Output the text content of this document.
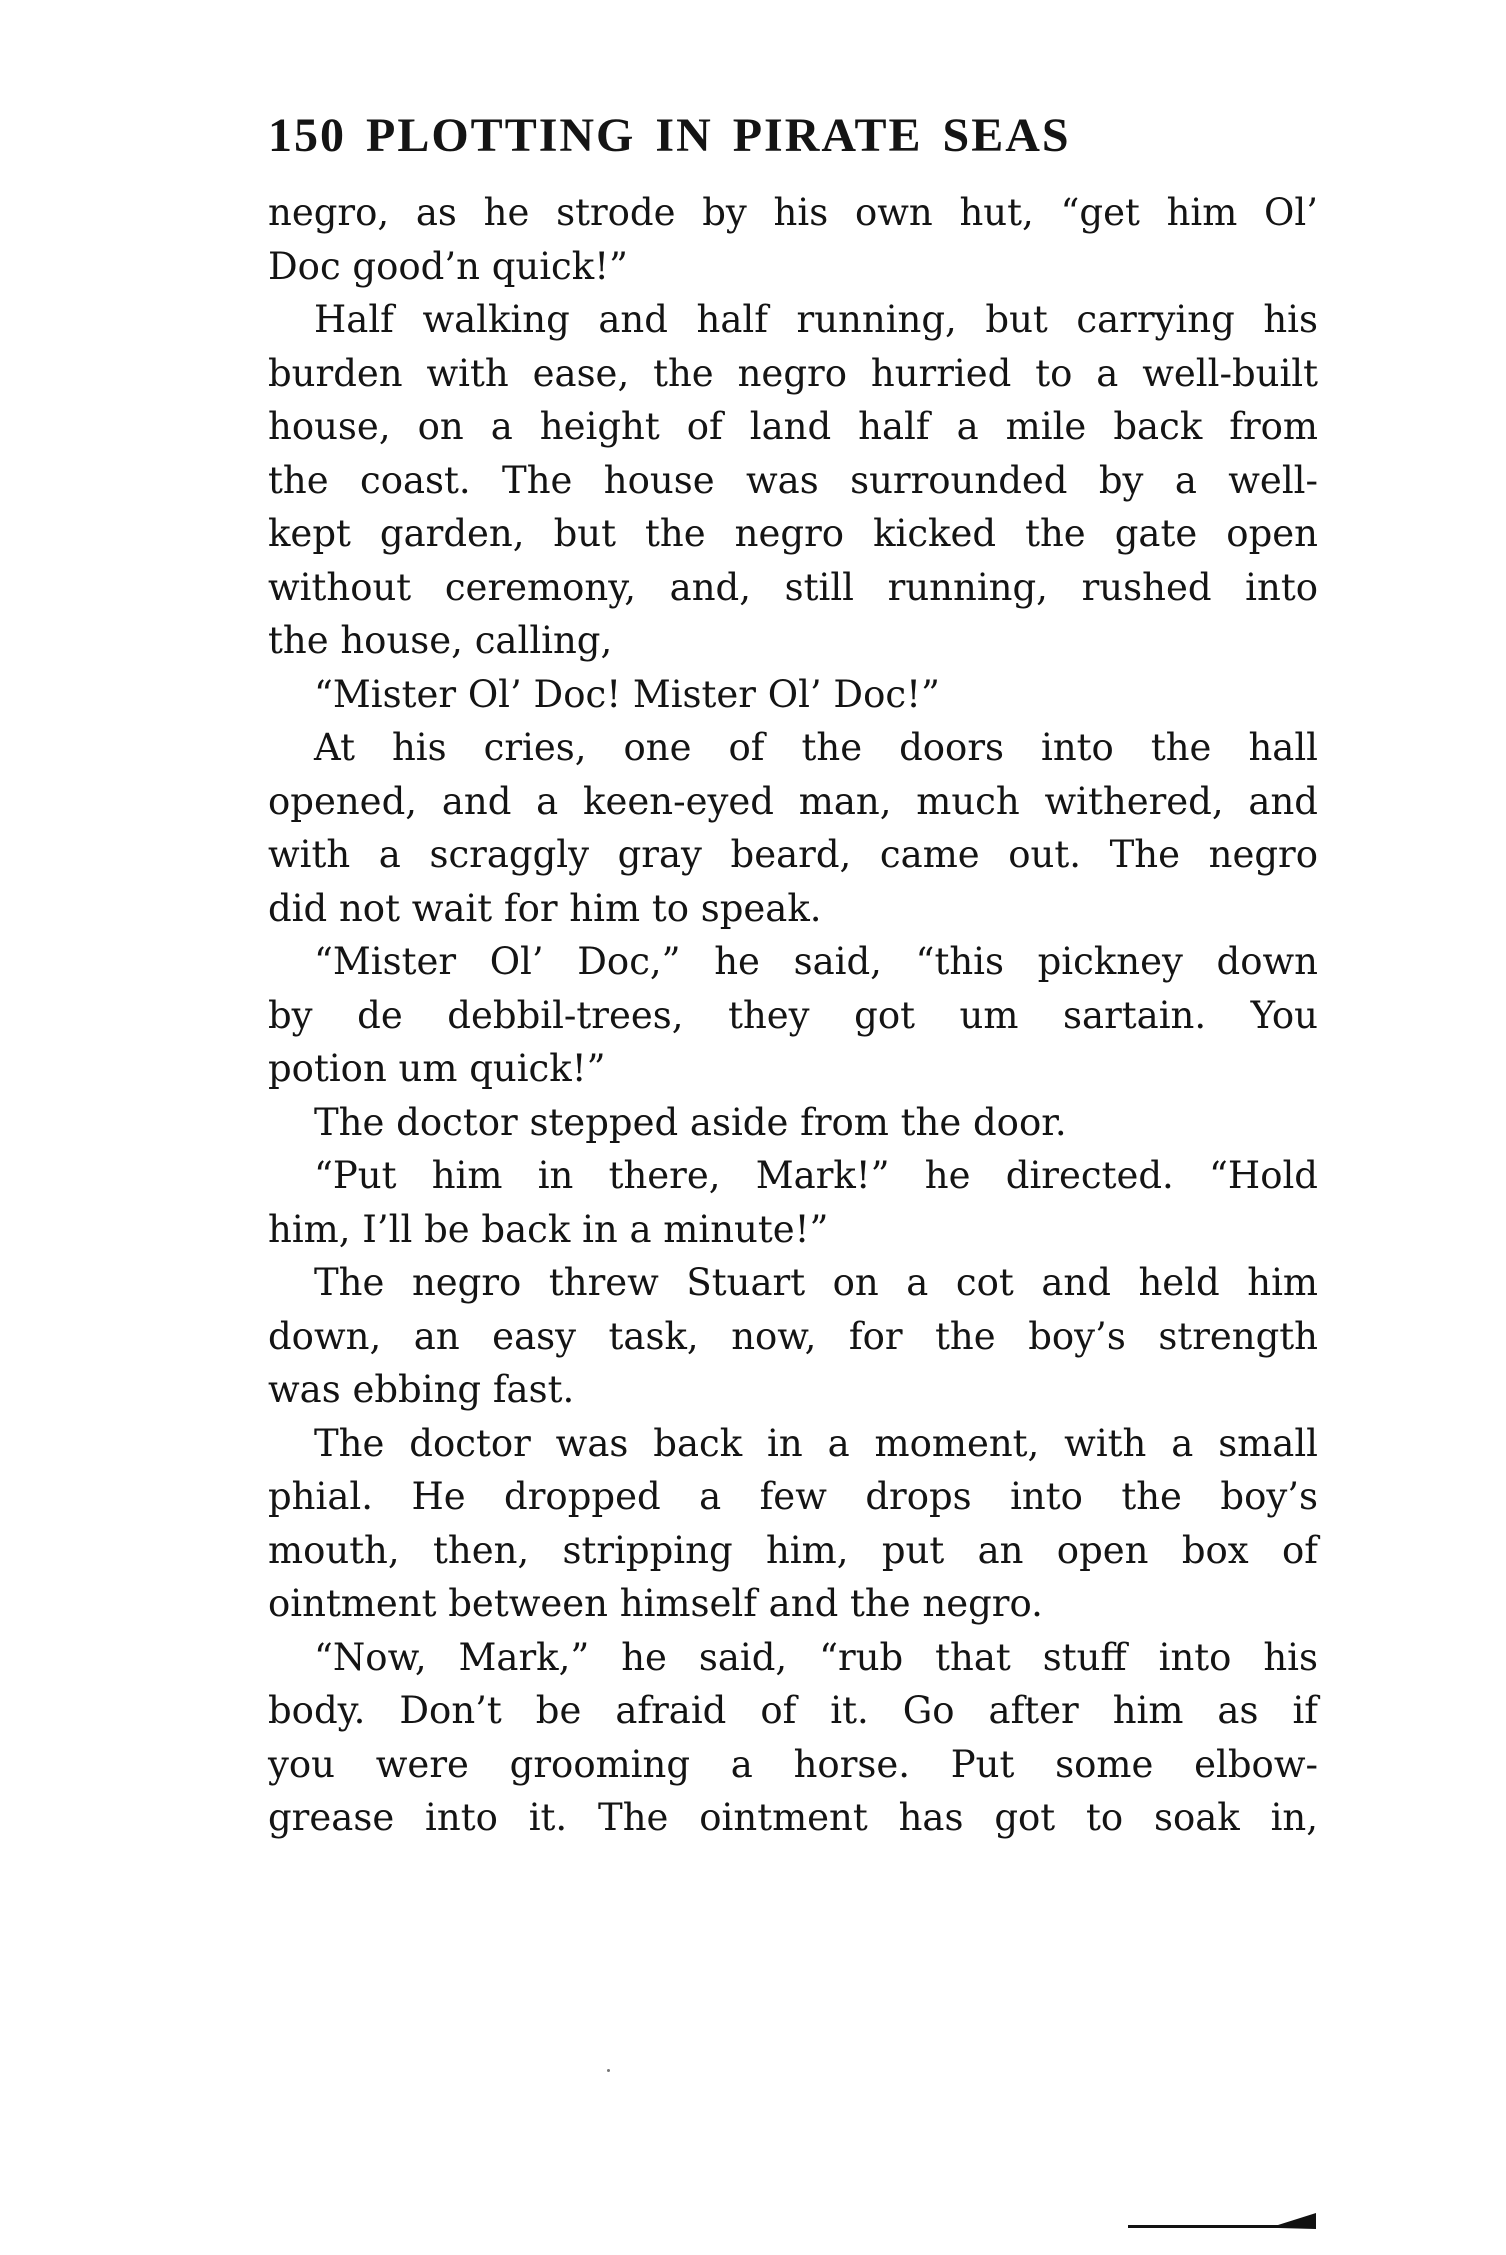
150 PLOTTING IN PIRATE SEAS
negro, as he strode by his own hut, “get him Ol’
Doc good’n quick!”
Half walking and half running, but carrying his
burden with ease, the negro hurried to a well-built
house, on a height of land half a mile back from
the coast. The house was surrounded by a well-
kept garden, but the negro kicked the gate open
without ceremony, and, still running, rushed into
the house, calling,
“Mister Ol’ Doc! Mister Ol’ Doc!”
At his cries, one of the doors into the hall
opened, and a keen-eyed man, much withered, and
with a scraggly gray beard, came out. The negro
did not wait for him to speak.
“Mister Ol’ Doc,” he said, “this pickney down
by de debbil-trees, they got um sartain. You
potion um quick!”
The doctor stepped aside from the door.
“Put him in there, Mark!” he directed. “Hold
him, I’ll be back in a minute!”
The negro threw Stuart on a cot and held him
down, an easy task, now, for the boy’s strength
was ebbing fast.
The doctor was back in a moment, with a small
phial. He dropped a few drops into the boy’s
mouth, then, stripping him, put an open box of
ointment between himself and the negro.
“Now, Mark,” he said, “rub that stuff into his
body. Don’t be afraid of it. Go after him as if
you were grooming a horse. Put some elbow-
grease into it. The ointment has got to soak in,
